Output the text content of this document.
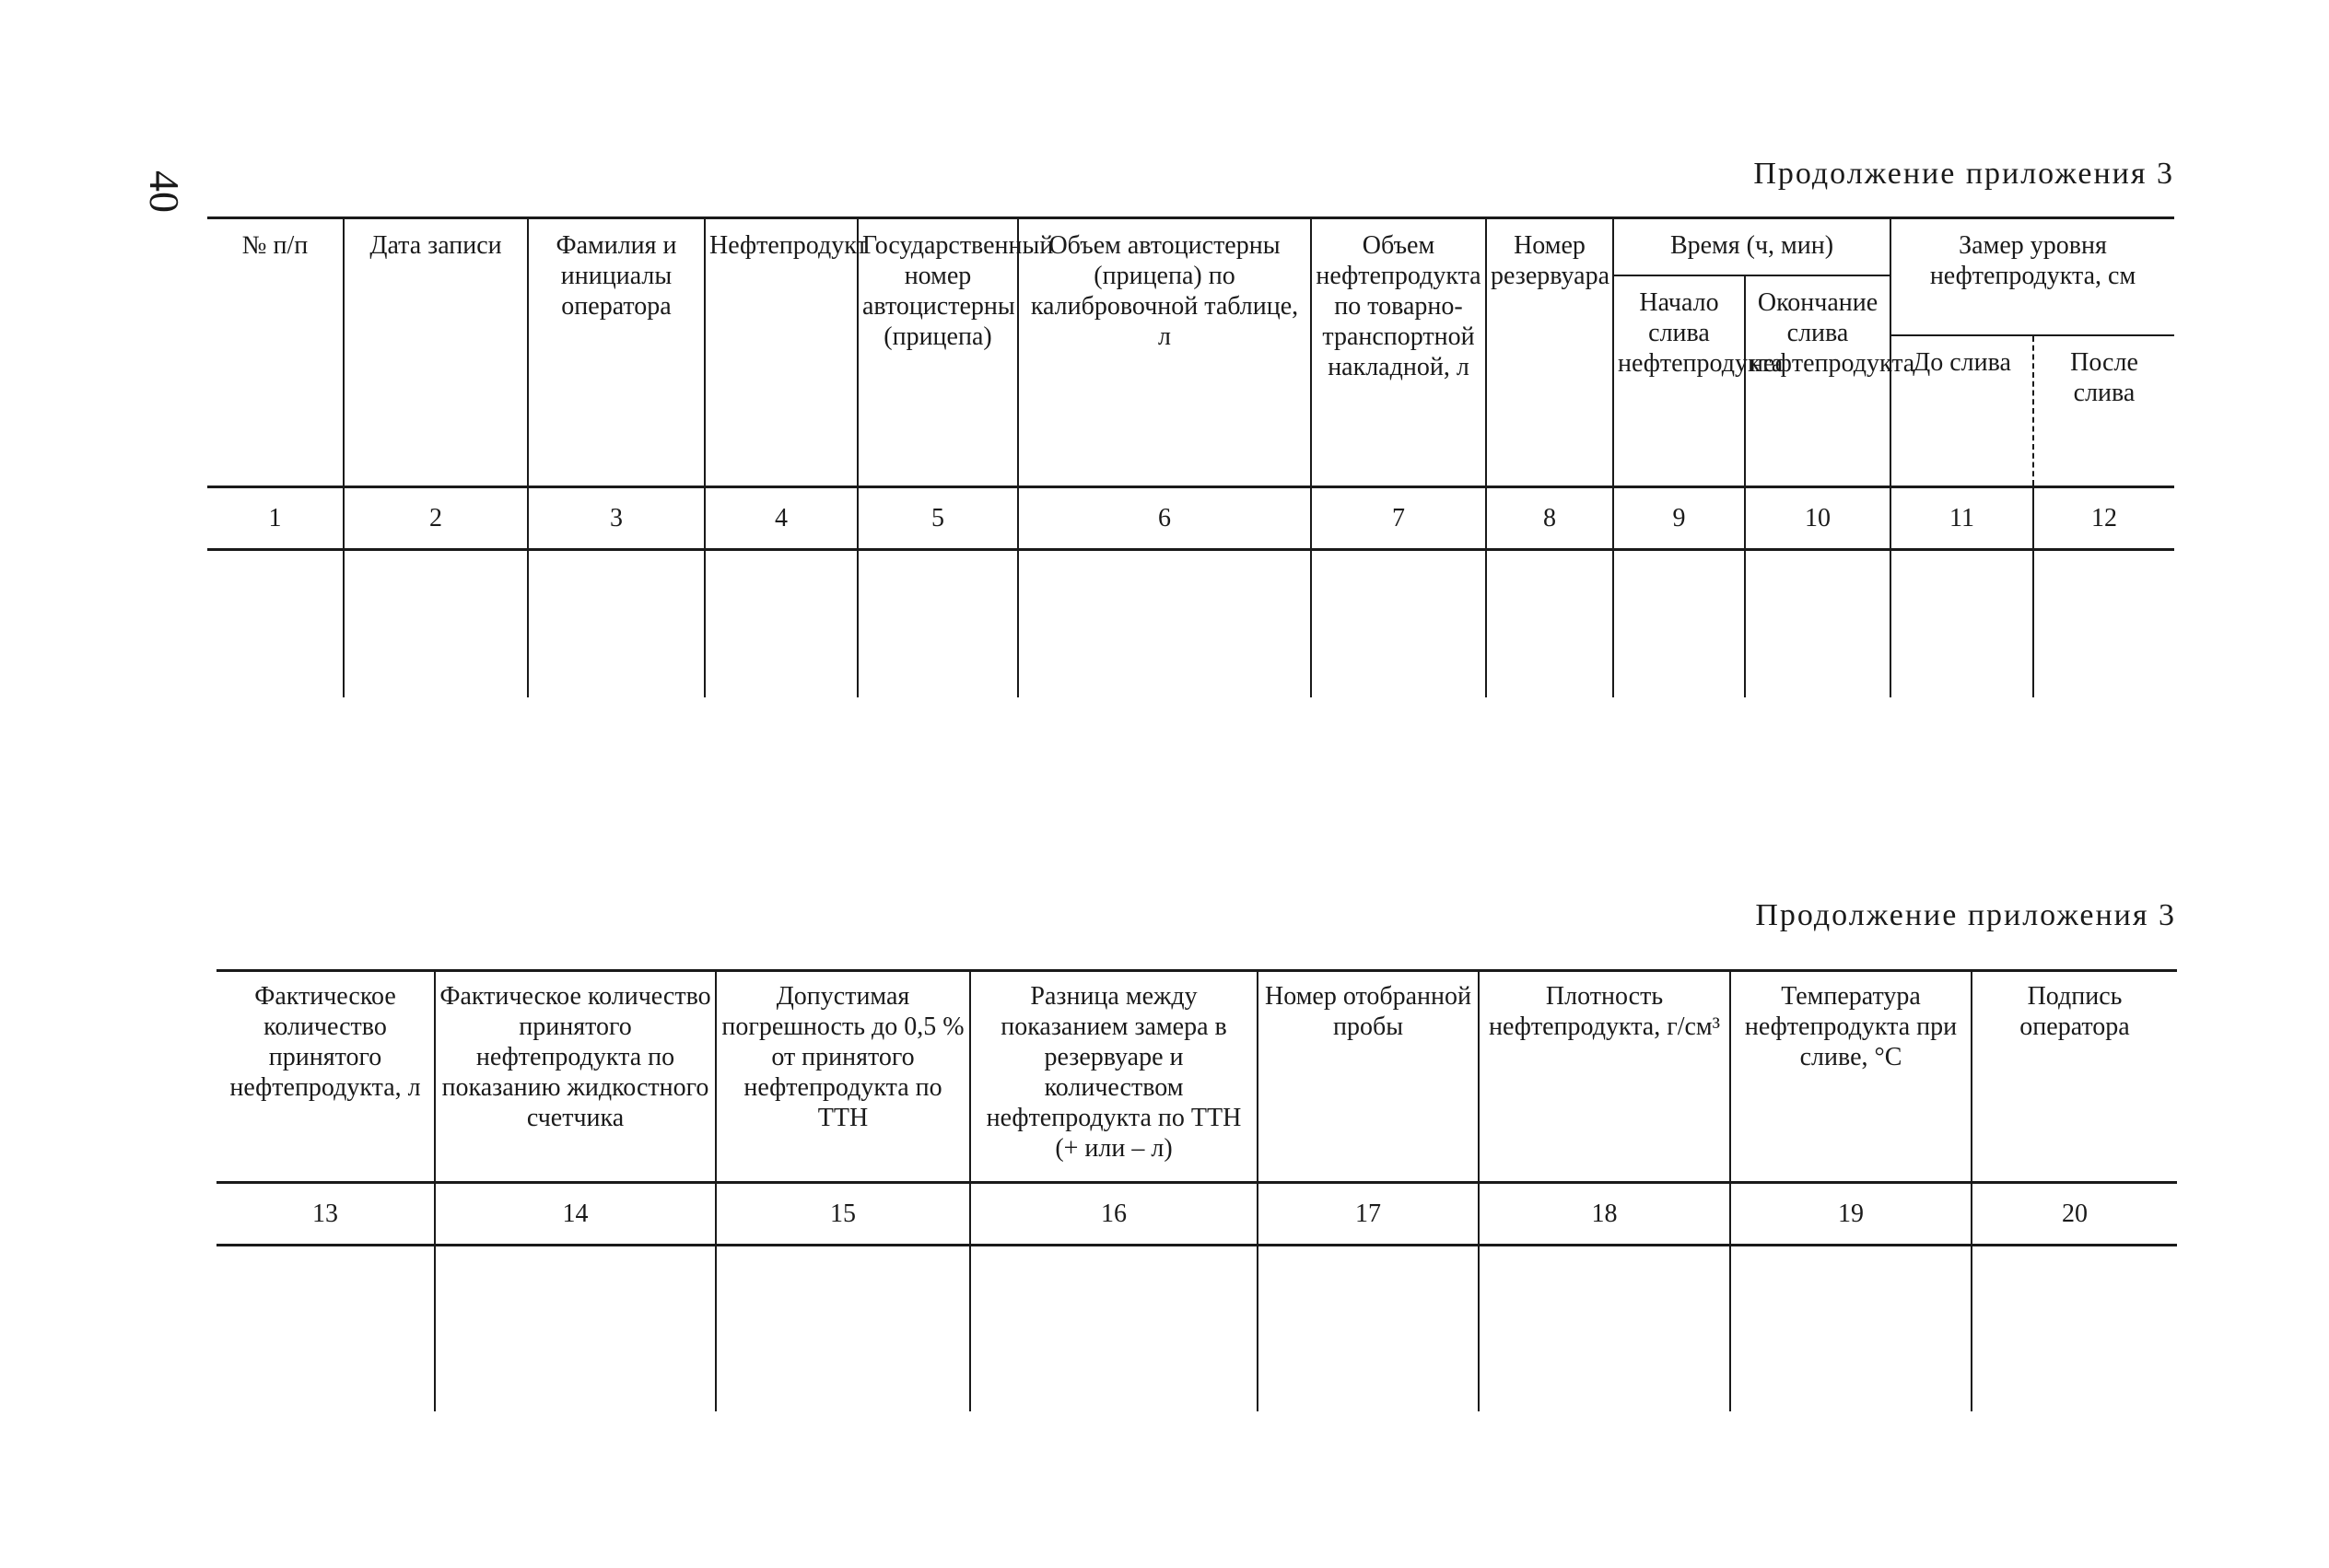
40	Продолжение приложения 3
№ п/п	Дата записи	Фамилия и инициалы оператора	Нефтепродукт	Государственный номер автоцистерны (прицепа)	Объем автоцистерны (прицепа) по калибровочной таблице, л	Объем нефтепродукта по товарно-транспортной накладной, л	Номер резервуара	Время (ч, мин)		Замер уровня нефтепродукта, см	
								Начало слива нефтепродукта	Окончание слива нефтепродукта		
										До слива	После слива
1	2	3	4	5	6	7	8	9	10	11	12

Продолжение приложения 3
Фактическое количество принятого нефтепродукта, л	Фактическое количество принятого нефтепродукта по показанию жидкостного счетчика	Допустимая погрешность до 0,5 % от принятого нефтепродукта по ТТН	Разница между показанием замера в резервуаре и количеством нефтепродукта по ТТН (+ или – л)	Номер отобранной пробы	Плотность нефтепродукта, г/см³	Температура нефтепродукта при сливе, °С	Подпись оператора
13	14	15	16	17	18	19	20
